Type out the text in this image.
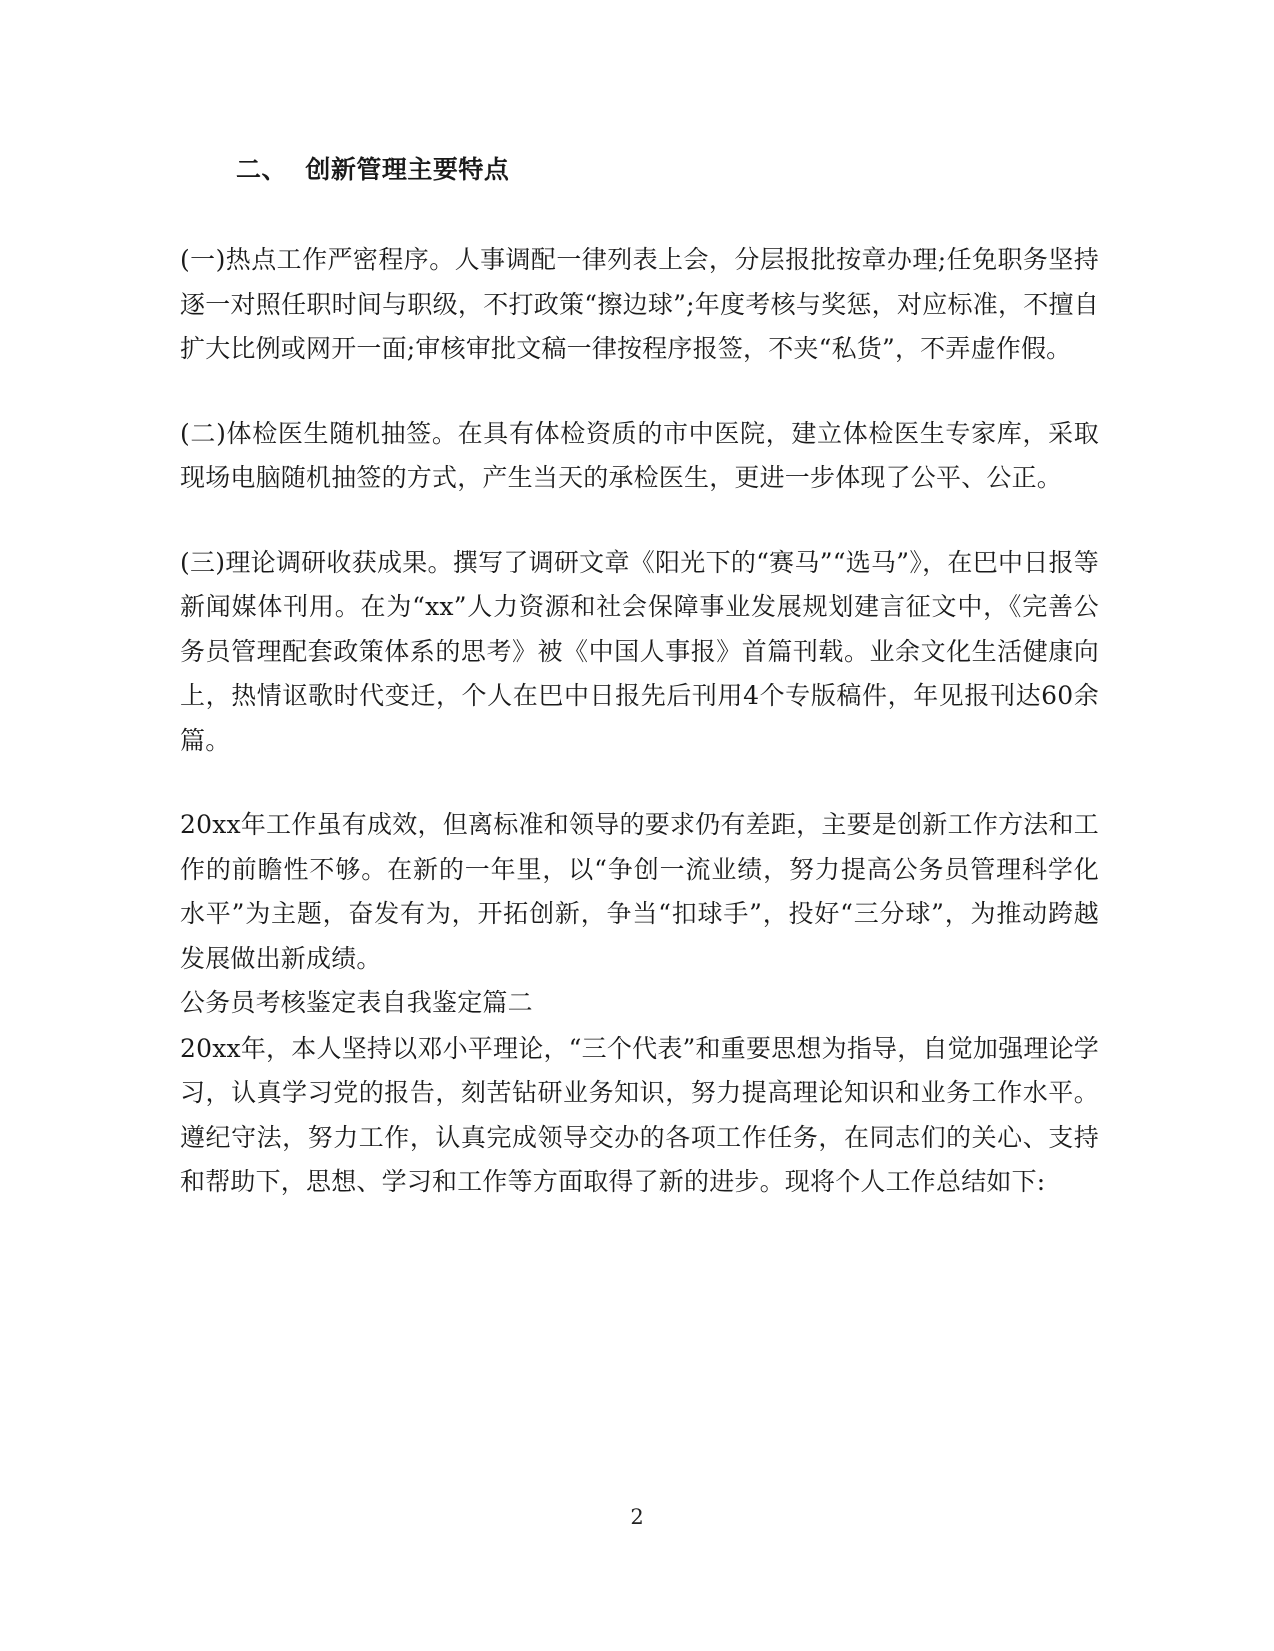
二、  创新管理主要特点

(一)热点工作严密程序。人事调配一律列表上会，分层报批按章办理;任免职务坚持逐一对照任职时间与职级，不打政策“擦边球”;年度考核与奖惩，对应标准，不擅自扩大比例或网开一面;审核审批文稿一律按程序报签，不夹“私货”，不弄虚作假。

(二)体检医生随机抽签。在具有体检资质的市中医院，建立体检医生专家库，采取现场电脑随机抽签的方式，产生当天的承检医生，更进一步体现了公平、公正。

(三)理论调研收获成果。撰写了调研文章《阳光下的“赛马”“选马”》，在巴中日报等新闻媒体刊用。在为“xx”人力资源和社会保障事业发展规划建言征文中，《完善公务员管理配套政策体系的思考》被《中国人事报》首篇刊载。业余文化生活健康向上，热情讴歌时代变迁，个人在巴中日报先后刊用4个专版稿件，年见报刊达60余篇。

20xx年工作虽有成效，但离标准和领导的要求仍有差距，主要是创新工作方法和工作的前瞻性不够。在新的一年里，以“争创一流业绩，努力提高公务员管理科学化水平”为主题，奋发有为，开拓创新，争当“扣球手”，投好“三分球”，为推动跨越发展做出新成绩。

公务员考核鉴定表自我鉴定篇二

20xx年，本人坚持以邓小平理论，“三个代表”和重要思想为指导，自觉加强理论学习，认真学习党的报告，刻苦钻研业务知识，努力提高理论知识和业务工作水平。遵纪守法，努力工作，认真完成领导交办的各项工作任务，在同志们的关心、支持和帮助下，思想、学习和工作等方面取得了新的进步。现将个人工作总结如下:

2
